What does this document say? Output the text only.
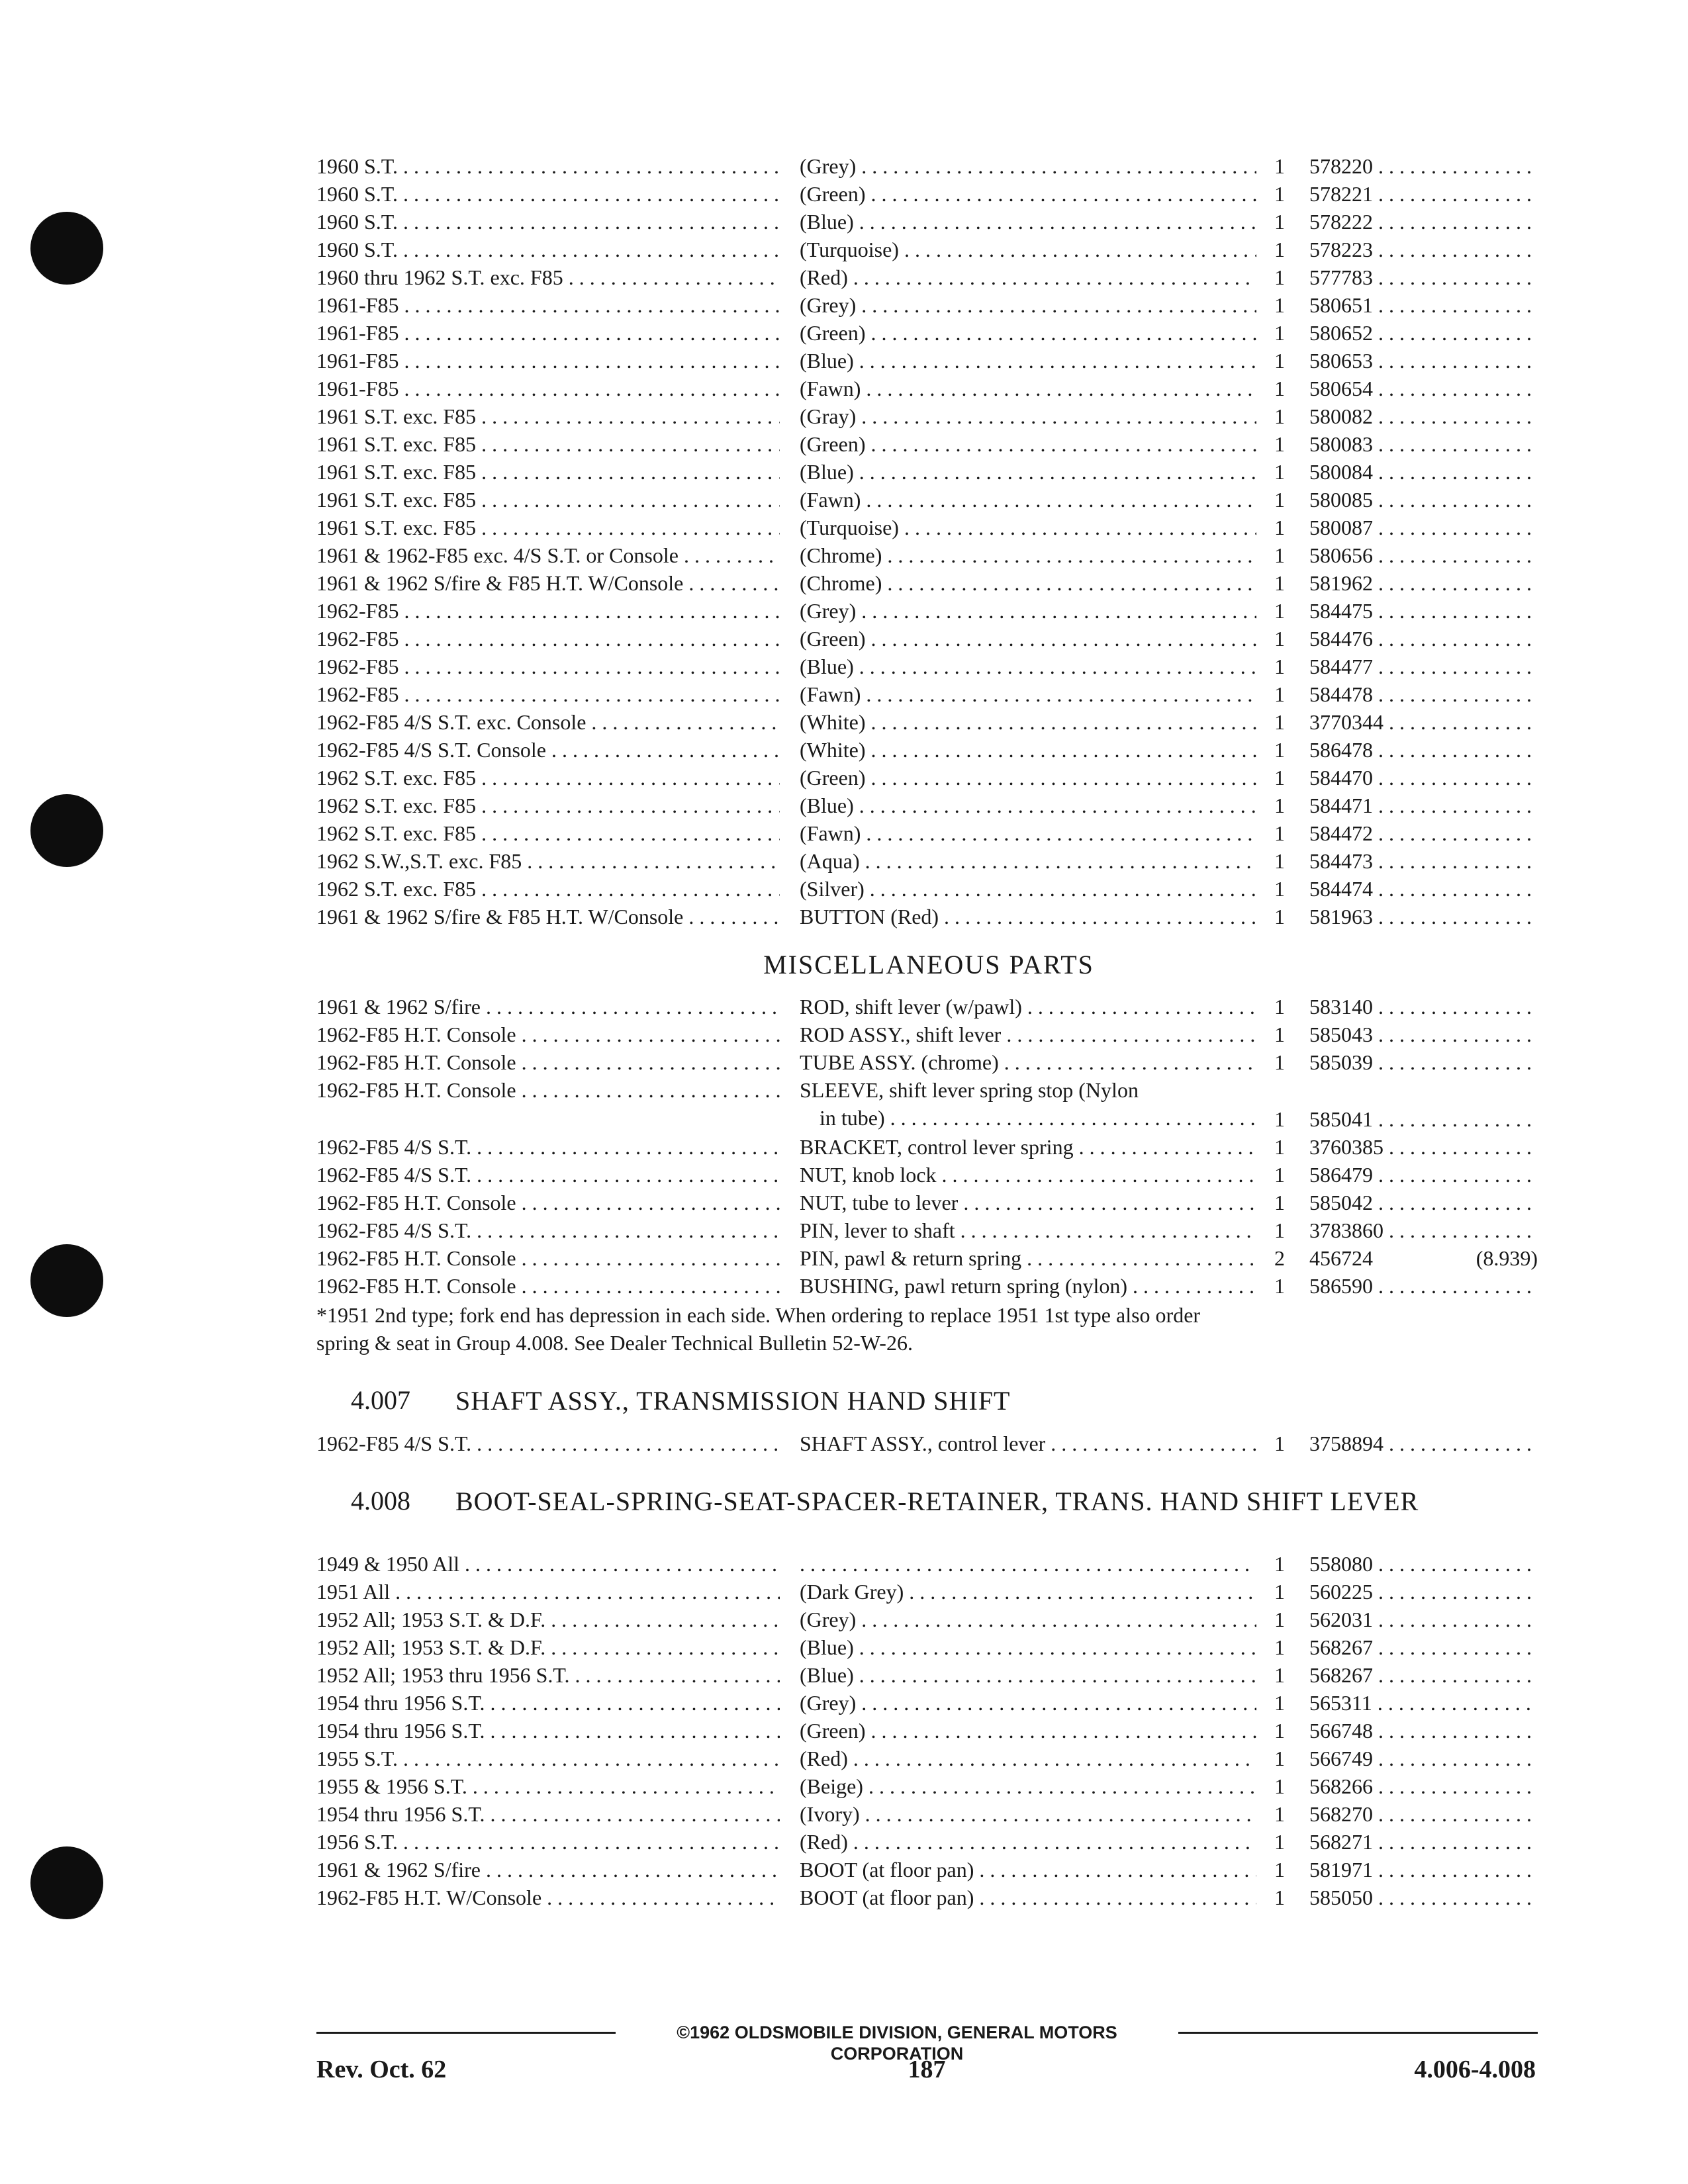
1960 S.T. . . .	(Grey) . . .	1	578220 . . .
1960 S.T. . . .	(Green) . . .	1	578221 . . .
1960 S.T. . . .	(Blue) . . .	1	578222 . . .
1960 S.T. . . .	(Turquoise) . . .	1	578223 . . .
1960 thru 1962 S.T. exc. F85 . . .	(Red) . . .	1	577783 . . .
1961-F85 . . .	(Grey) . . .	1	580651 . . .
1961-F85 . . .	(Green) . . .	1	580652 . . .
1961-F85 . . .	(Blue) . . .	1	580653 . . .
1961-F85 . . .	(Fawn) . . .	1	580654 . . .
1961 S.T. exc. F85 . . .	(Gray) . . .	1	580082 . . .
1961 S.T. exc. F85 . . .	(Green) . . .	1	580083 . . .
1961 S.T. exc. F85 . . .	(Blue) . . .	1	580084 . . .
1961 S.T. exc. F85 . . .	(Fawn) . . .	1	580085 . . .
1961 S.T. exc. F85 . . .	(Turquoise) . . .	1	580087 . . .
1961 & 1962-F85 exc. 4/S S.T. or Console . . .	(Chrome) . . .	1	580656 . . .
1961 & 1962 S/fire & F85 H.T. W/Console . . .	(Chrome) . . .	1	581962 . . .
1962-F85 . . .	(Grey) . . .	1	584475 . . .
1962-F85 . . .	(Green) . . .	1	584476 . . .
1962-F85 . . .	(Blue) . . .	1	584477 . . .
1962-F85 . . .	(Fawn) . . .	1	584478 . . .
1962-F85 4/S S.T. exc. Console . . .	(White) . . .	1	3770344 . . .
1962-F85 4/S S.T. Console . . .	(White) . . .	1	586478 . . .
1962 S.T. exc. F85 . . .	(Green) . . .	1	584470 . . .
1962 S.T. exc. F85 . . .	(Blue) . . .	1	584471 . . .
1962 S.T. exc. F85 . . .	(Fawn) . . .	1	584472 . . .
1962 S.W.,S.T. exc. F85 . . .	(Aqua) . . .	1	584473 . . .
1962 S.T. exc. F85 . . .	(Silver) . . .	1	584474 . . .
1961 & 1962 S/fire & F85 H.T. W/Console . . .	BUTTON (Red) . . .	1	581963 . . .
MISCELLANEOUS PARTS
1961 & 1962 S/fire . . .	ROD, shift lever (w/pawl) . . .	1	583140 . . .
1962-F85 H.T. Console . . .	ROD ASSY., shift lever . . .	1	585043 . . .
1962-F85 H.T. Console . . .	TUBE ASSY. (chrome) . . .	1	585039 . . .
1962-F85 H.T. Console . . .	SLEEVE, shift lever spring stop (Nylon
in tube) . . .	1	585041 . . .
1962-F85 4/S S.T. . . .	BRACKET, control lever spring . . .	1	3760385 . . .
1962-F85 4/S S.T. . . .	NUT, knob lock . . .	1	586479 . . .
1962-F85 H.T. Console . . .	NUT, tube to lever . . .	1	585042 . . .
1962-F85 4/S S.T. . . .	PIN, lever to shaft . . .	1	3783860 . . .
1962-F85 H.T. Console . . .	PIN, pawl & return spring . . .	2	456724	(8.939)
1962-F85 H.T. Console . . .	BUSHING, pawl return spring (nylon) . . .	1	586590 . . .
*1951 2nd type; fork end has depression in each side. When ordering to replace 1951 1st type also order
spring & seat in Group 4.008. See Dealer Technical Bulletin 52-W-26.
4.007 SHAFT ASSY., TRANSMISSION HAND SHIFT
1962-F85 4/S S.T. . . .	SHAFT ASSY., control lever . . .	1	3758894 . . .
4.008 BOOT-SEAL-SPRING-SEAT-SPACER-RETAINER, TRANS. HAND SHIFT LEVER
1949 & 1950 All . . .
. . .	1	558080 . . .
1951 All . . .	(Dark Grey) . . .	1	560225 . . .
1952 All; 1953 S.T. & D.F. . . .	(Grey) . . .	1	562031 . . .
1952 All; 1953 S.T. & D.F. . . .	(Blue) . . .	1	568267 . . .
1952 All; 1953 thru 1956 S.T. . . .	(Blue) . . .	1	568267 . . .
1954 thru 1956 S.T. . . .	(Grey) . . .	1	565311 . . .
1954 thru 1956 S.T. . . .	(Green) . . .	1	566748 . . .
1955 S.T. . . .	(Red) . . .	1	566749 . . .
1955 & 1956 S.T. . . .	(Beige) . . .	1	568266 . . .
1954 thru 1956 S.T. . . .	(Ivory) . . .	1	568270 . . .
1956 S.T. . . .	(Red) . . .	1	568271 . . .
1961 & 1962 S/fire . . .	BOOT (at floor pan) . . .	1	581971 . . .
1962-F85 H.T. W/Console . . .	BOOT (at floor pan) . . .	1	585050 . . .
©1962 OLDSMOBILE DIVISION, GENERAL MOTORS CORPORATION
Rev. Oct. 62	187	4.006-4.008
